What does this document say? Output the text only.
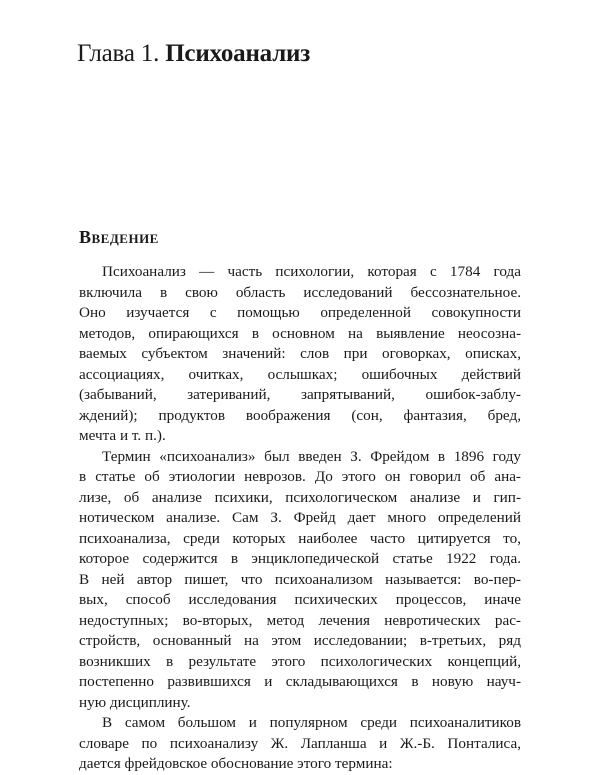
Глава 1. Психоанализ
Введение
Психоанализ — часть психологии, которая с 1784 года
включила в свою область исследований бессознательное.
Оно изучается с помощью определенной совокупности
методов, опирающихся в основном на выявление неосозна-
ваемых субъектом значений: слов при оговорках, описках,
ассоциациях, очитках, ослышках; ошибочных действий
(забываний, затериваний, запрятываний, ошибок-заблу-
ждений); продуктов воображения (сон, фантазия, бред,
мечта и т. п.).
Термин «психоанализ» был введен З. Фрейдом в 1896 году
в статье об этиологии неврозов. До этого он говорил об ана-
лизе, об анализе психики, психологическом анализе и гип-
нотическом анализе. Сам З. Фрейд дает много определений
психоанализа, среди которых наиболее часто цитируется то,
которое содержится в энциклопедической статье 1922 года.
В ней автор пишет, что психоанализом называется: во-пер-
вых, способ исследования психических процессов, иначе
недоступных; во-вторых, метод лечения невротических рас-
стройств, основанный на этом исследовании; в-третьих, ряд
возникших в результате этого психологических концепций,
постепенно развившихся и складывающихся в новую науч-
ную дисциплину.
В самом большом и популярном среди психоаналитиков
словаре по психоанализу Ж. Лапланша и Ж.-Б. Понталиса,
дается фрейдовское обоснование этого термина:
